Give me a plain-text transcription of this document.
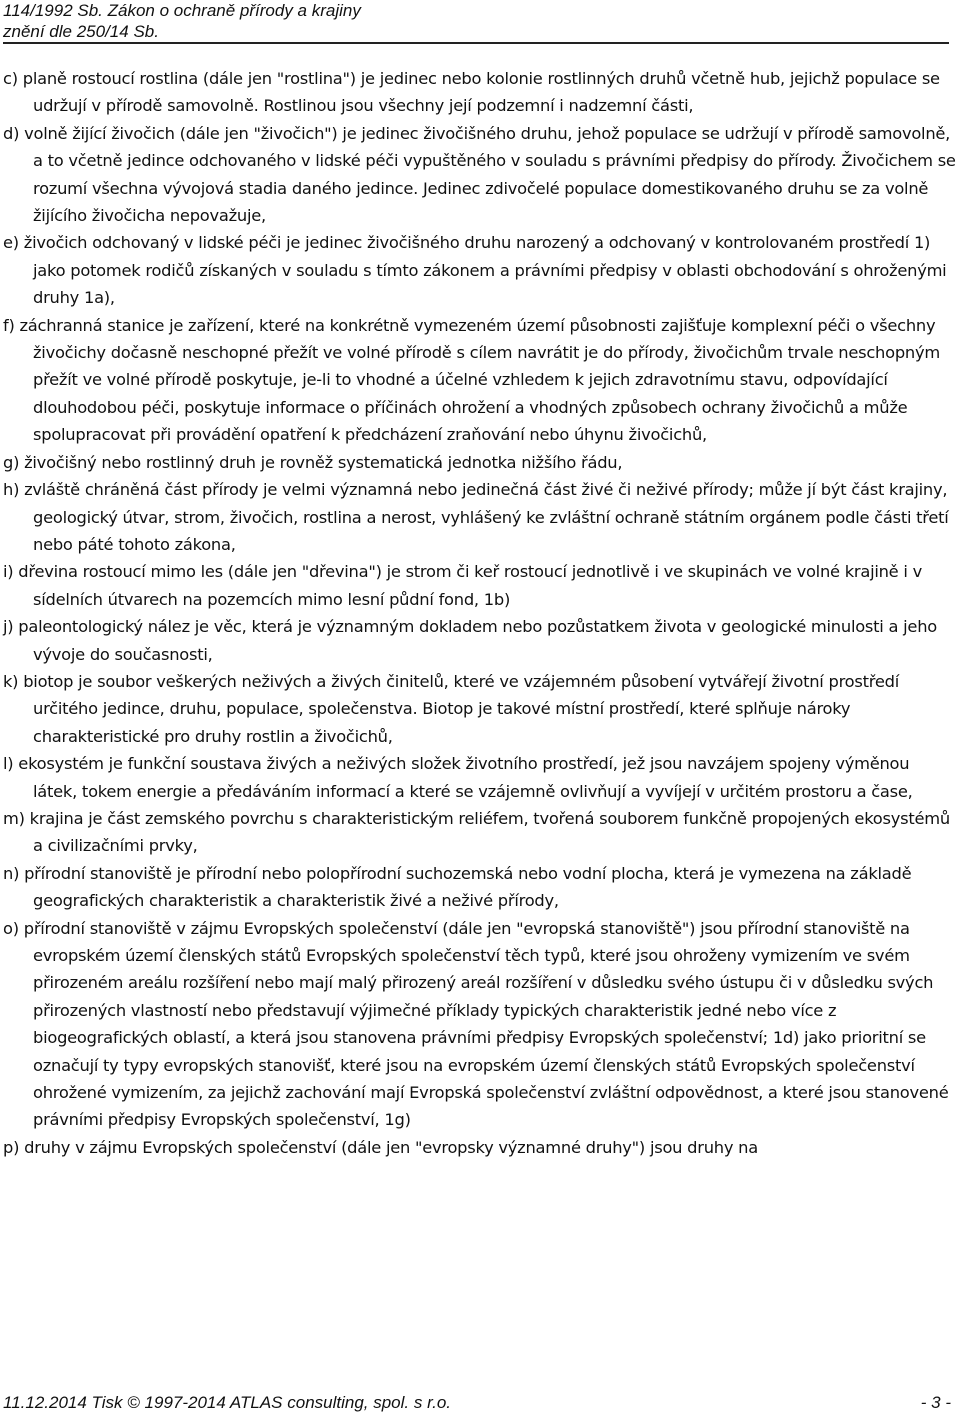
114/1992 Sb. Zákon o ochraně přírody a krajiny
znění dle 250/14 Sb.

c) planě rostoucí rostlina (dále jen "rostlina") je jedinec nebo kolonie rostlinných druhů včetně hub, jejichž populace se udržují v přírodě samovolně. Rostlinou jsou všechny její podzemní i nadzemní části,

d) volně žijící živočich (dále jen "živočich") je jedinec živočišného druhu, jehož populace se udržují v přírodě samovolně, a to včetně jedince odchovaného v lidské péči vypuštěného v souladu s právními předpisy do přírody. Živočichem se rozumí všechna vývojová stadia daného jedince. Jedinec zdivočelé populace domestikovaného druhu se za volně žijícího živočicha nepovažuje,

e) živočich odchovaný v lidské péči je jedinec živočišného druhu narozený a odchovaný v kontrolovaném prostředí 1) jako potomek rodičů získaných v souladu s tímto zákonem a právními předpisy v oblasti obchodování s ohroženými druhy 1a),

f) záchranná stanice je zařízení, které na konkrétně vymezeném území působnosti zajišťuje komplexní péči o všechny živočichy dočasně neschopné přežít ve volné přírodě s cílem navrátit je do přírody, živočichům trvale neschopným přežít ve volné přírodě poskytuje, je-li to vhodné a účelné vzhledem k jejich zdravotnímu stavu, odpovídající dlouhodobou péči, poskytuje informace o příčinách ohrožení a vhodných způsobech ochrany živočichů a může spolupracovat při provádění opatření k předcházení zraňování nebo úhynu živočichů,

g) živočišný nebo rostlinný druh je rovněž systematická jednotka nižšího řádu,

h) zvláště chráněná část přírody je velmi významná nebo jedinečná část živé či neživé přírody; může jí být část krajiny, geologický útvar, strom, živočich, rostlina a nerost, vyhlášený ke zvláštní ochraně státním orgánem podle části třetí nebo páté tohoto zákona,

i) dřevina rostoucí mimo les (dále jen "dřevina") je strom či keř rostoucí jednotlivě i ve skupinách ve volné krajině i v sídelních útvarech na pozemcích mimo lesní půdní fond, 1b)

j) paleontologický nález je věc, která je významným dokladem nebo pozůstatkem života v geologické minulosti a jeho vývoje do současnosti,

k) biotop je soubor veškerých neživých a živých činitelů, které ve vzájemném působení vytvářejí životní prostředí určitého jedince, druhu, populace, společenstva. Biotop je takové místní prostředí, které splňuje nároky charakteristické pro druhy rostlin a živočichů,

l) ekosystém je funkční soustava živých a neživých složek životního prostředí, jež jsou navzájem spojeny výměnou látek, tokem energie a předáváním informací a které se vzájemně ovlivňují a vyvíjejí v určitém prostoru a čase,

m) krajina je část zemského povrchu s charakteristickým reliéfem, tvořená souborem funkčně propojených ekosystémů a civilizačními prvky,

n) přírodní stanoviště je přírodní nebo polopřírodní suchozemská nebo vodní plocha, která je vymezena na základě geografických charakteristik a charakteristik živé a neživé přírody,

o) přírodní stanoviště v zájmu Evropských společenství (dále jen "evropská stanoviště") jsou přírodní stanoviště na evropském území členských států Evropských společenství těch typů, které jsou ohroženy vymizením ve svém přirozeném areálu rozšíření nebo mají malý přirozený areál rozšíření v důsledku svého ústupu či v důsledku svých přirozených vlastností nebo představují výjimečné příklady typických charakteristik jedné nebo více z biogeografických oblastí, a která jsou stanovena právními předpisy Evropských společenství; 1d) jako prioritní se označují ty typy evropských stanovišť, které jsou na evropském území členských států Evropských společenství ohrožené vymizením, za jejichž zachování mají Evropská společenství zvláštní odpovědnost, a které jsou stanovené právními předpisy Evropských společenství, 1g)

p) druhy v zájmu Evropských společenství (dále jen "evropsky významné druhy") jsou druhy na

11.12.2014 Tisk © 1997-2014 ATLAS consulting, spol. s r.o.	- 3 -
